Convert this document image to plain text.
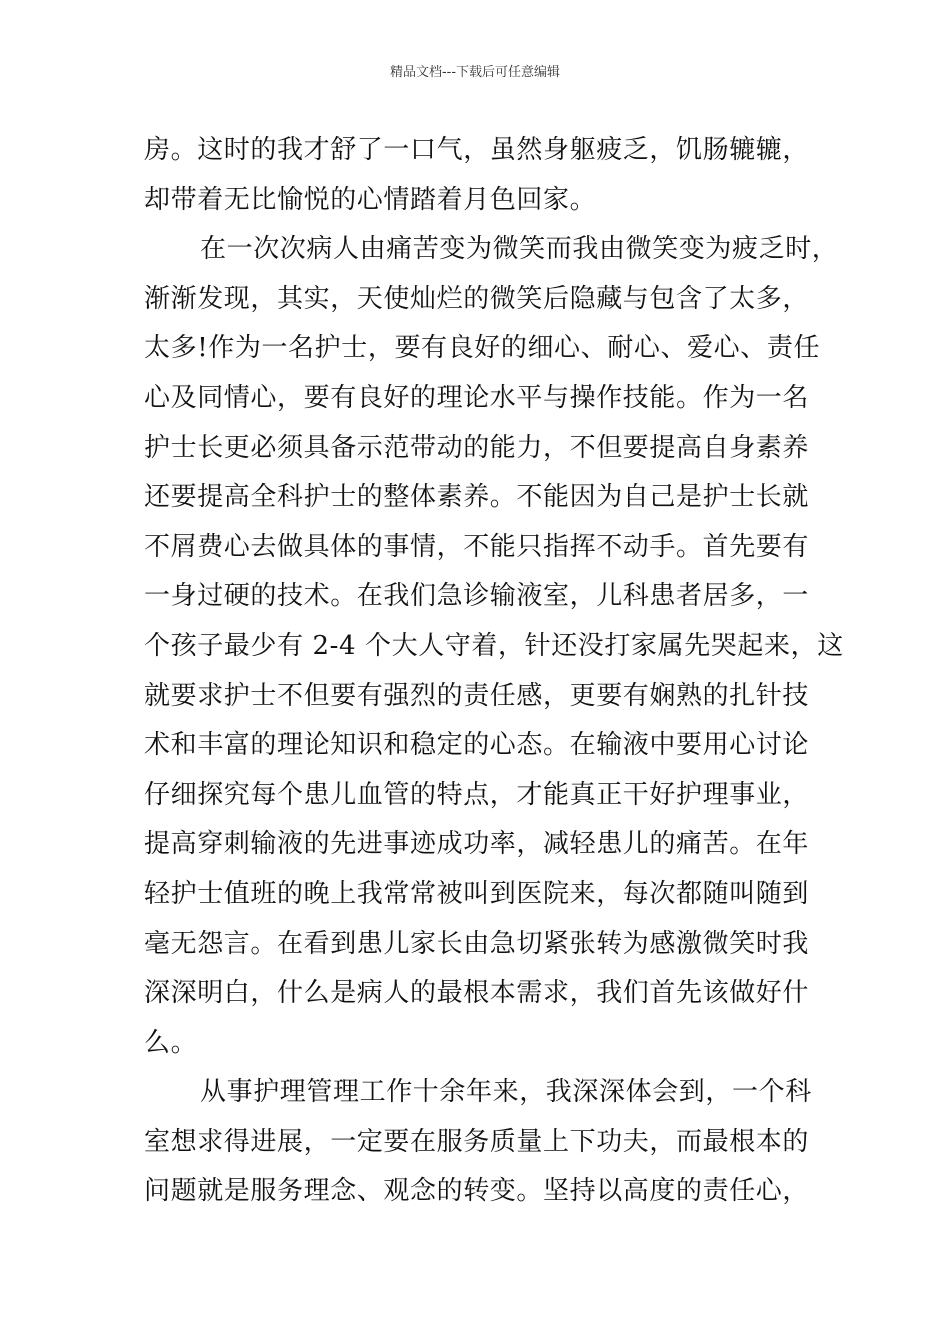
精品文档---下载后可任意编辑
房。这时的我才舒了一口气，虽然身躯疲乏，饥肠辘辘，
却带着无比愉悦的心情踏着月色回家。
在一次次病人由痛苦变为微笑而我由微笑变为疲乏时，
渐渐发现，其实，天使灿烂的微笑后隐藏与包含了太多，
太多!作为一名护士，要有良好的细心、耐心、爱心、责任
心及同情心，要有良好的理论水平与操作技能。作为一名
护士长更必须具备示范带动的能力，不但要提高自身素养
还要提高全科护士的整体素养。不能因为自己是护士长就
不屑费心去做具体的事情，不能只指挥不动手。首先要有
一身过硬的技术。在我们急诊输液室，儿科患者居多，一
个孩子最少有 2-4 个大人守着，针还没打家属先哭起来，这
就要求护士不但要有强烈的责任感，更要有娴熟的扎针技
术和丰富的理论知识和稳定的心态。在输液中要用心讨论
仔细探究每个患儿血管的特点，才能真正干好护理事业，
提高穿刺输液的先进事迹成功率，减轻患儿的痛苦。在年
轻护士值班的晚上我常常被叫到医院来，每次都随叫随到
毫无怨言。在看到患儿家长由急切紧张转为感激微笑时我
深深明白，什么是病人的最根本需求，我们首先该做好什
么。
从事护理管理工作十余年来，我深深体会到，一个科
室想求得进展，一定要在服务质量上下功夫，而最根本的
问题就是服务理念、观念的转变。坚持以高度的责任心，
